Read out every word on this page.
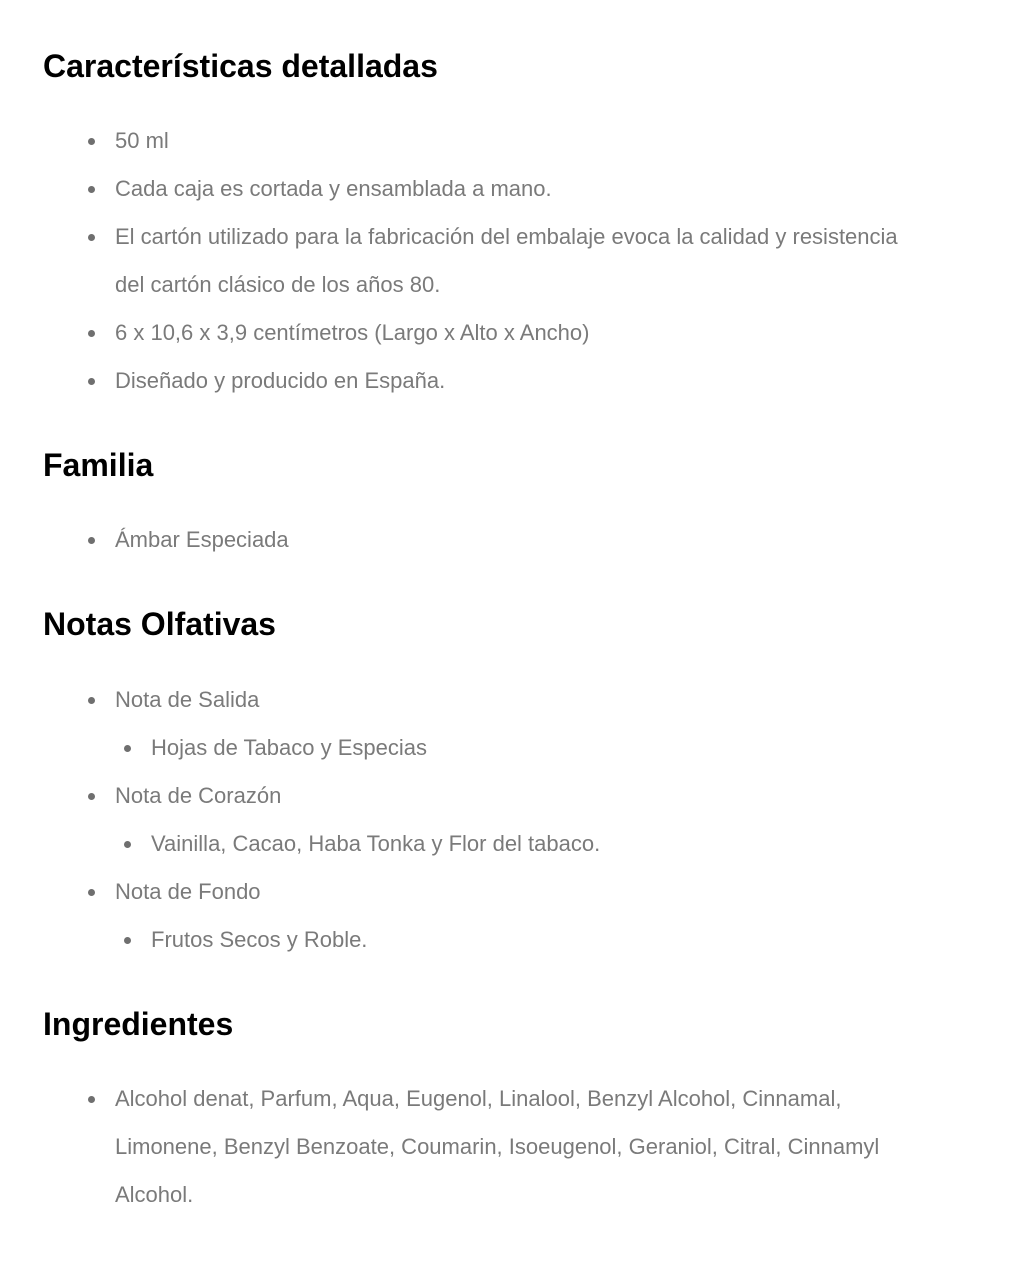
Características detalladas
50 ml
Cada caja es cortada y ensamblada a mano.
El cartón utilizado para la fabricación del embalaje evoca la calidad y resistencia del cartón clásico de los años 80.
6 x 10,6 x 3,9 centímetros (Largo x Alto x Ancho)
Diseñado y producido en España.
Familia
Ámbar Especiada
Notas Olfativas
Nota de Salida
Hojas de Tabaco y Especias
Nota de Corazón
Vainilla, Cacao, Haba Tonka y Flor del tabaco.
Nota de Fondo
Frutos Secos y Roble.
Ingredientes
Alcohol denat, Parfum, Aqua, Eugenol, Linalool, Benzyl Alcohol, Cinnamal, Limonene, Benzyl Benzoate, Coumarin, Isoeugenol, Geraniol, Citral, Cinnamyl Alcohol.
